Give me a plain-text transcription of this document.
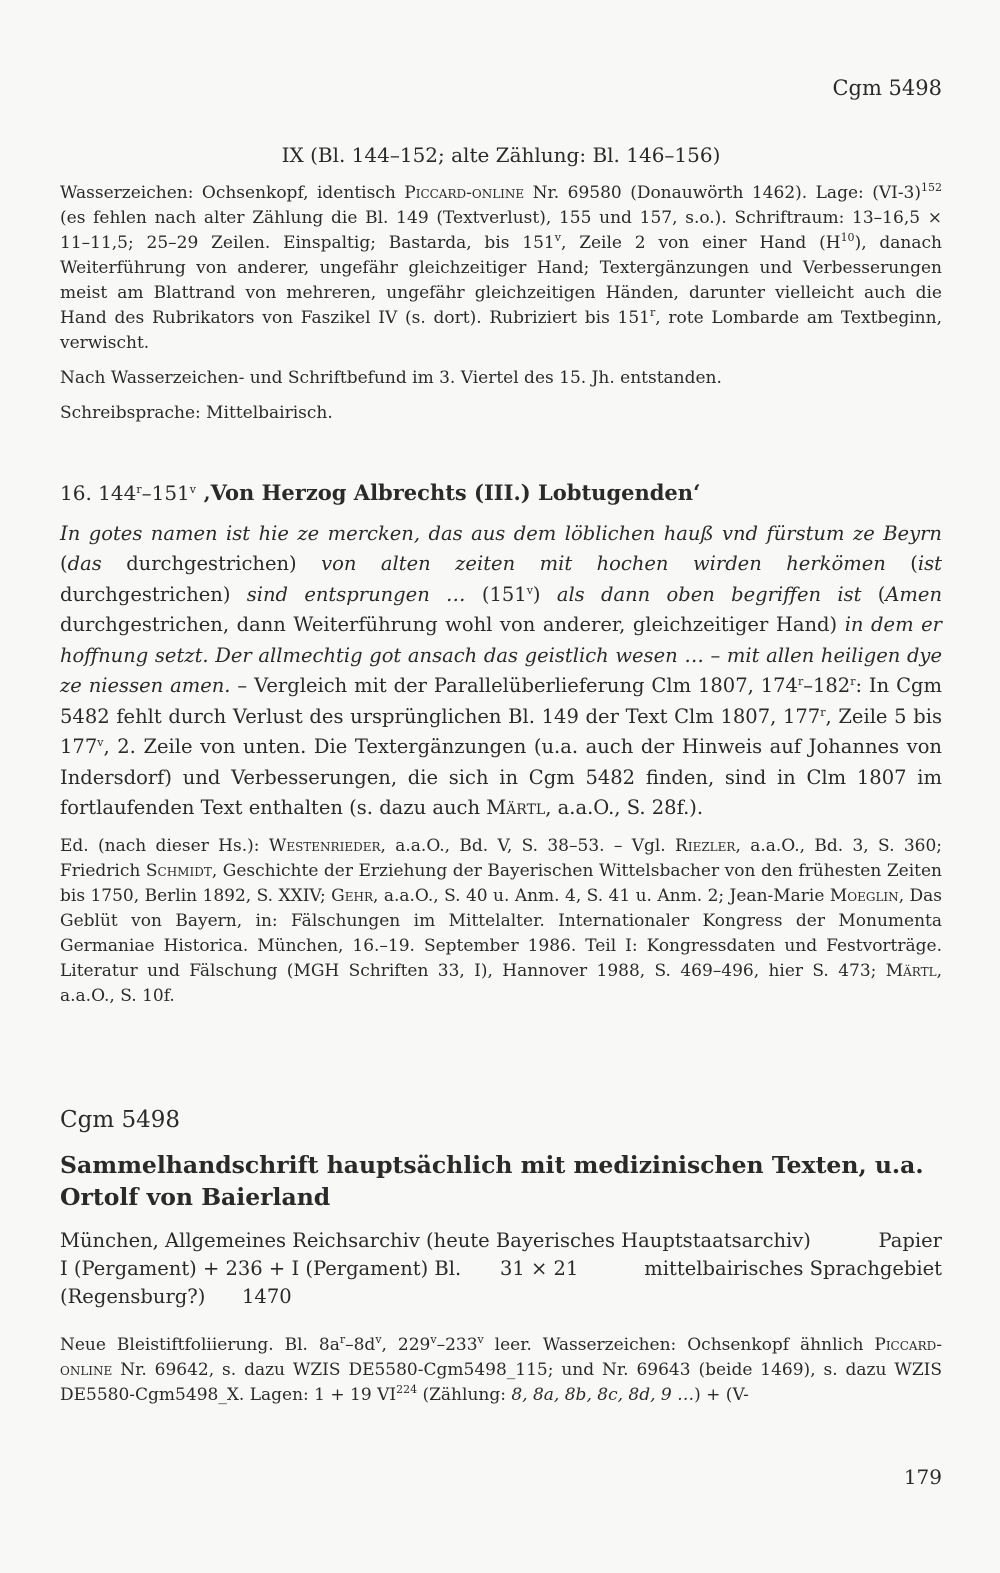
Cgm 5498

IX (Bl. 144–152; alte Zählung: Bl. 146–156)

Wasserzeichen: Ochsenkopf, identisch Piccard-online Nr. 69580 (Donauwörth 1462). Lage: $(VI-3)^{152}$ (es fehlen nach alter Zählung die Bl. 149 (Textverlust), 155 und 157, s.o.). Schriftraum: 13–16,5 × 11–11,5; 25–29 Zeilen. Einspaltig; Bastarda, bis 151$^v$, Zeile 2 von einer Hand $(H^{10})$, danach Weiterführung von anderer, ungefähr gleichzeitiger Hand; Textergänzungen und Verbesserungen meist am Blattrand von mehreren, ungefähr gleichzeitigen Händen, darunter vielleicht auch die Hand des Rubrikators von Faszikel IV (s. dort). Rubriziert bis 151$^r$, rote Lombarde am Textbeginn, verwischt.

Nach Wasserzeichen- und Schriftbefund im 3. Viertel des 15. Jh. entstanden.

Schreibsprache: Mittelbairisch.

16. 144$^r$–151$^v$ ‚Von Herzog Albrechts (III.) Lobtugenden‘

In gotes namen ist hie ze mercken, das aus dem löblichen hauß vnd fürstum ze Beyrn (das durchgestrichen) von alten zeiten mit hochen wirden herkömen (ist durchgestrichen) sind entsprungen … (151$^v$) als dann oben begriffen ist (Amen durchgestrichen, dann Weiterführung wohl von anderer, gleichzeitiger Hand) in dem er hoffnung setzt. Der allmechtig got ansach das geistlich wesen … – mit allen heiligen dye ze niessen amen. – Vergleich mit der Parallelüberlieferung Clm 1807, 174$^r$–182$^r$: In Cgm 5482 fehlt durch Verlust des ursprünglichen Bl. 149 der Text Clm 1807, 177$^r$, Zeile 5 bis 177$^v$, 2. Zeile von unten. Die Textergänzungen (u.a. auch der Hinweis auf Johannes von Indersdorf) und Verbesserungen, die sich in Cgm 5482 finden, sind in Clm 1807 im fortlaufenden Text enthalten (s. dazu auch Märtl, a.a.O., S. 28f.).

Ed. (nach dieser Hs.): Westenrieder, a.a.O., Bd. V, S. 38–53. – Vgl. Riezler, a.a.O., Bd. 3, S. 360; Friedrich Schmidt, Geschichte der Erziehung der Bayerischen Wittelsbacher von den frühesten Zeiten bis 1750, Berlin 1892, S. XXIV; Gehr, a.a.O., S. 40 u. Anm. 4, S. 41 u. Anm. 2; Jean-Marie Moeglin, Das Geblüt von Bayern, in: Fälschungen im Mittelalter. Internationaler Kongress der Monumenta Germaniae Historica. München, 16.–19. September 1986. Teil I: Kongressdaten und Festvorträge. Literatur und Fälschung (MGH Schriften 33, I), Hannover 1988, S. 469–496, hier S. 473; Märtl, a.a.O., S. 10f.

Cgm 5498

Sammelhandschrift hauptsächlich mit medizinischen Texten, u.a. Ortolf von Baierland

München, Allgemeines Reichsarchiv (heute Bayerisches Hauptstaatsarchiv)	Papier
I (Pergament) + 236 + I (Pergament) Bl. 31 × 21	mittelbairisches Sprachgebiet
(Regensburg?) 1470

Neue Bleistiftfoliierung. Bl. $8a^r-8d^v$, 229$^v$–233$^v$ leer. Wasserzeichen: Ochsenkopf ähnlich Piccard-online Nr. 69642, s. dazu WZIS DE5580-Cgm5498_115; und Nr. 69643 (beide 1469), s. dazu WZIS DE5580-Cgm5498_X. Lagen: 1 + 19 VI$^{224}$ (Zählung: 8, 8a, 8b, 8c, 8d, 9 …) + (V-

179
